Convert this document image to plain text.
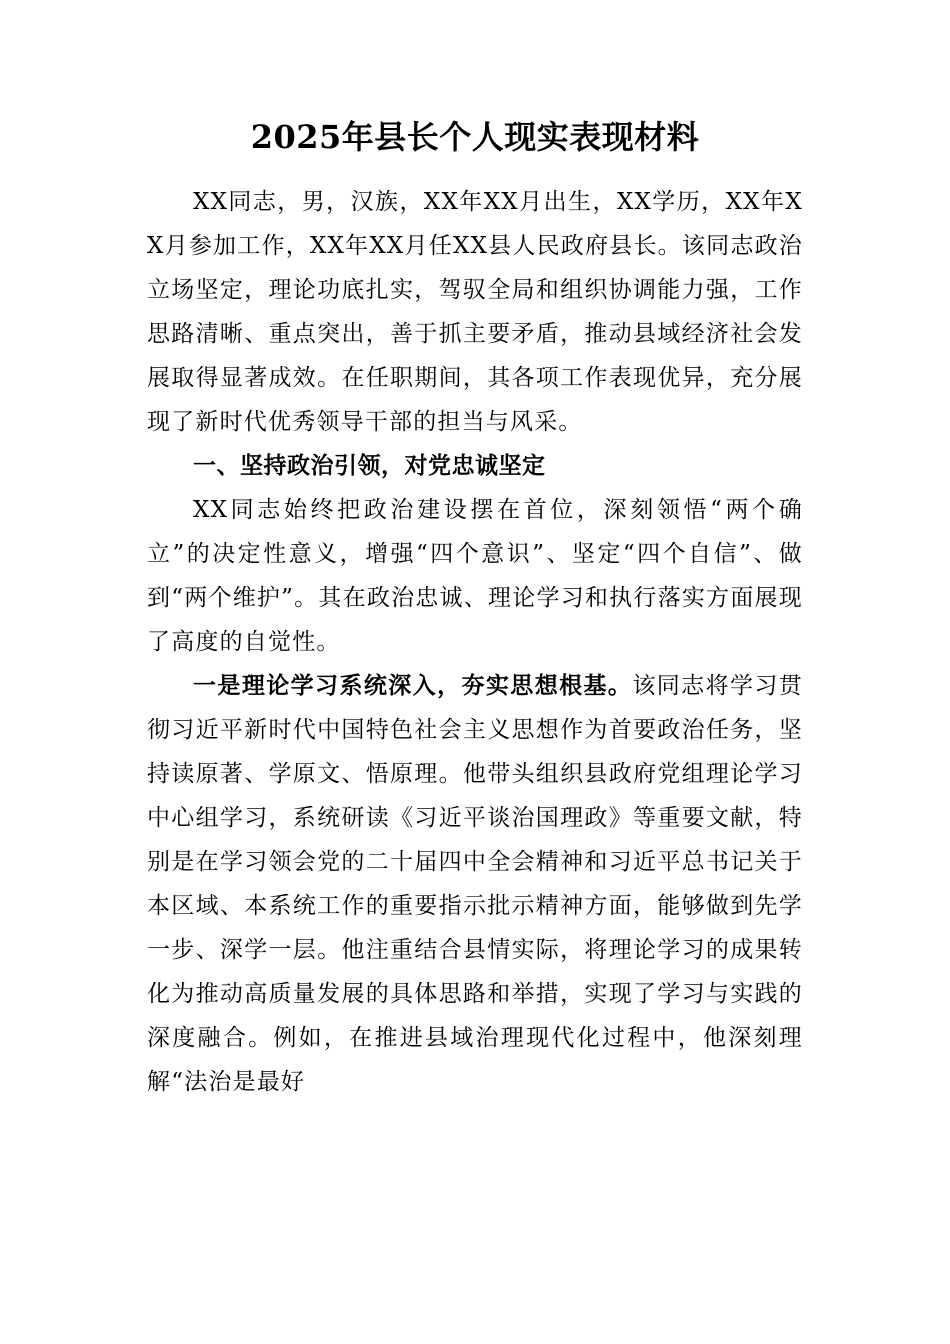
2025年县长个人现实表现材料

XX同志，男，汉族，XX年XX月出生，XX学历，XX年XX月参加工作，XX年XX月任XX县人民政府县长。该同志政治立场坚定，理论功底扎实，驾驭全局和组织协调能力强，工作思路清晰、重点突出，善于抓主要矛盾，推动县域经济社会发展取得显著成效。在任职期间，其各项工作表现优异，充分展现了新时代优秀领导干部的担当与风采。

一、坚持政治引领，对党忠诚坚定

XX同志始终把政治建设摆在首位，深刻领悟“两个确立”的决定性意义，增强“四个意识”、坚定“四个自信”、做到“两个维护”。其在政治忠诚、理论学习和执行落实方面展现了高度的自觉性。

一是理论学习系统深入，夯实思想根基。该同志将学习贯彻习近平新时代中国特色社会主义思想作为首要政治任务，坚持读原著、学原文、悟原理。他带头组织县政府党组理论学习中心组学习，系统研读《习近平谈治国理政》等重要文献，特别是在学习领会党的二十届四中全会精神和习近平总书记关于本区域、本系统工作的重要指示批示精神方面，能够做到先学一步、深学一层。他注重结合县情实际，将理论学习的成果转化为推动高质量发展的具体思路和举措，实现了学习与实践的深度融合。例如，在推进县域治理现代化过程中，他深刻理解“法治是最好
